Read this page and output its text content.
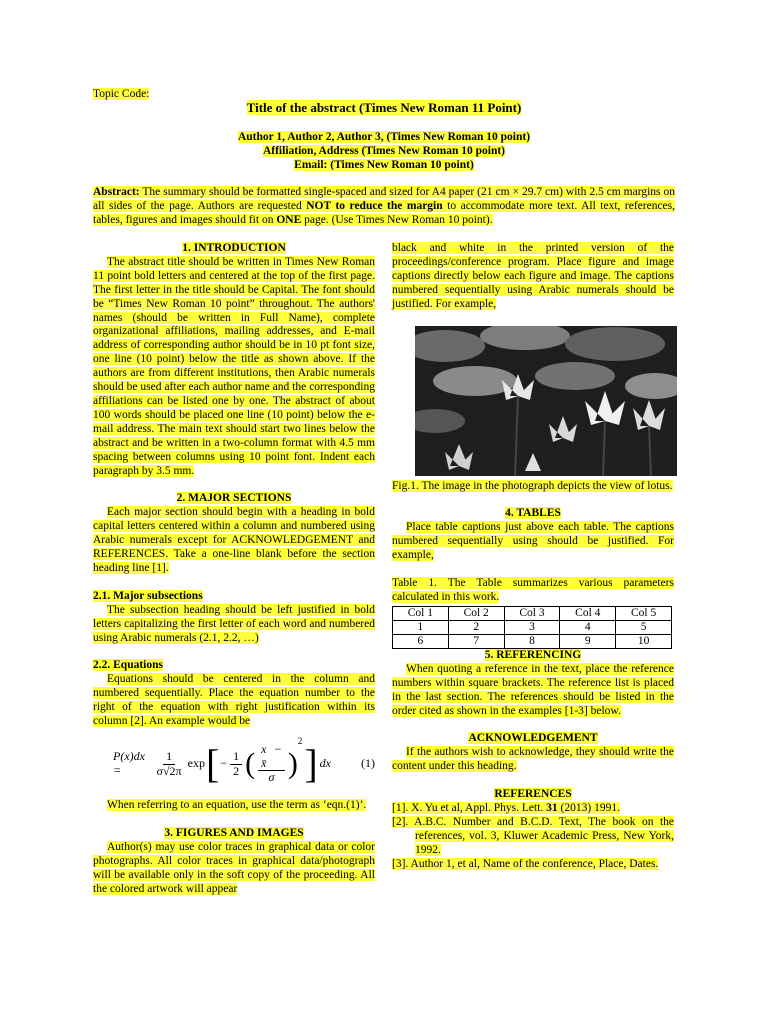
Topic Code:
Title of the abstract (Times New Roman 11 Point)
Author 1, Author 2, Author 3, (Times New Roman 10 point)
Affiliation, Address (Times New Roman 10 point)
Email: (Times New Roman 10 point)
Abstract: The summary should be formatted single-spaced and sized for A4 paper (21 cm × 29.7 cm) with 2.5 cm margins on all sides of the page. Authors are requested NOT to reduce the margin to accommodate more text. All text, references, tables, figures and images should fit on ONE page. (Use Times New Roman 10 point).

1. INTRODUCTION

The abstract title should be written in Times New Roman 11 point bold letters and centered at the top of the first page. The first letter in the title should be Capital. The font should be “Times New Roman 10 point” throughout. The authors' names (should be written in Full Name), complete organizational affiliations, mailing addresses, and E-mail address of corresponding author should be in 10 pt font size, one line (10 point) below the title as shown above. If the authors are from different institutions, then Arabic numerals should be used after each author name and the corresponding affiliations can be listed one by one. The abstract of about 100 words should be placed one line (10 point) below the e-mail address. The main text should start two lines below the abstract and be written in a two-column format with 4.5 mm spacing between columns using 10 point font. Indent each paragraph by 3.5 mm.

2. MAJOR SECTIONS

Each major section should begin with a heading in bold capital letters centered within a column and numbered using Arabic numerals except for ACKNOWLEDGEMENT and REFERENCES. Take a one-line blank before the section heading line [1].

2.1. Major subsections

The subsection heading should be left justified in bold letters capitalizing the first letter of each word and numbered using Arabic numerals (2.1, 2.2, …)

2.2. Equations

Equations should be centered in the column and numbered sequentially. Place the equation number to the right of the equation with right justification within its column [2]. An example would be

P(x)dx =	$\frac{1}{\sigma√2\pi}$ exp [ − $\frac{1}{2}$ ( $\frac{x - x̄}{\sigma}$ )
2
] dx	(1)

When referring to an equation, use the term as ‘eqn.(1)’.

3. FIGURES AND IMAGES

Author(s) may use color traces in graphical data or color photographs. All color traces in graphical data/photograph will be available only in the soft copy of the proceeding. All the colored artwork will appear

black and white in the printed version of the proceedings/conference program. Place figure and image captions directly below each figure and image. The captions numbered sequentially using Arabic numerals should be justified. For example,

Fig.1. The image in the photograph depicts the view of lotus.

4. TABLES

Place table captions just above each table. The captions numbered sequentially using should be justified. For example,

Table 1. The Table summarizes various parameters calculated in this work.

Col 1	Col 2	Col 3	Col 4	Col 5
1	2	3	4	5
6	7	8	9	10

5. REFERENCING

When quoting a reference in the text, place the reference numbers within square brackets. The reference list is placed in the last section. The references should be listed in the order cited as shown in the examples [1-3] below.

ACKNOWLEDGEMENT

If the authors wish to acknowledge, they should write the content under this heading.

REFERENCES

[1]. X. Yu et al, Appl. Phys. Lett. 31 (2013) 1991.

[2]. A.B.C. Number and B.C.D. Text, The book on the references, vol. 3, Kluwer Academic Press, New York, 1992.

[3]. Author 1, et al, Name of the conference, Place, Dates.
